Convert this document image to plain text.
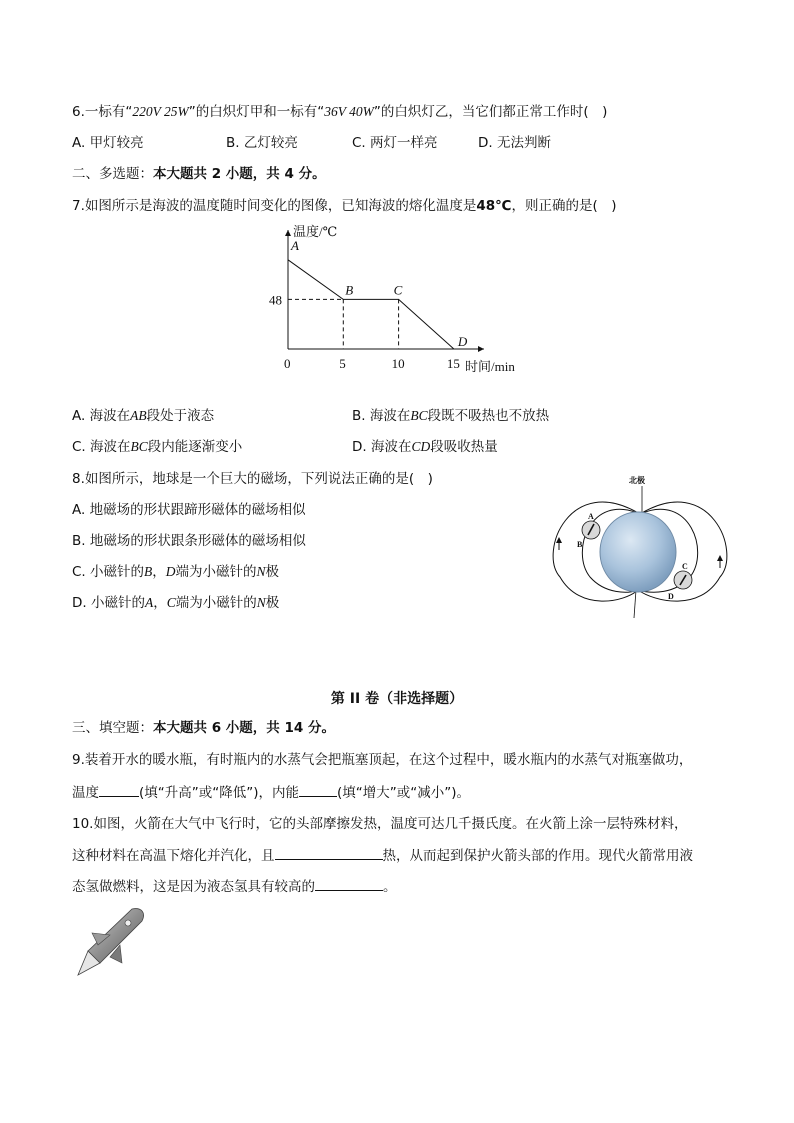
6.一标有“220V 25W”的白炽灯甲和一标有“36V 40W”的白炽灯乙，当它们都正常工作时(　)
A. 甲灯较亮	B. 乙灯较亮	C. 两灯一样亮	D. 无法判断
二、多选题：本大题共 2 小题，共 4 分。
7.如图所示是海波的温度随时间变化的图像，已知海波的熔化温度是48℃，则正确的是(　)
温度/℃
时间/min
A
B	C
D
0	5	10	15
48
A. 海波在AB段处于液态	B. 海波在BC段既不吸热也不放热
C. 海波在BC段内能逐渐变小	D. 海波在CD段吸收热量
8.如图所示，地球是一个巨大的磁场，下列说法正确的是(　)
A. 地磁场的形状跟蹄形磁体的磁场相似
B. 地磁场的形状跟条形磁体的磁场相似
C. 小磁针的B，D端为小磁针的N极
D. 小磁针的A，C端为小磁针的N极
北极
A
B
C
D
第 II 卷（非选择题）
三、填空题：本大题共 6 小题，共 14 分。
9.装着开水的暖水瓶，有时瓶内的水蒸气会把瓶塞顶起，在这个过程中，暖水瓶内的水蒸气对瓶塞做功，
温度	(填“升高”或“降低”)，内能	(填“增大”或“减小”)。
10.如图，火箭在大气中飞行时，它的头部摩擦发热，温度可达几千摄氏度。在火箭上涂一层特殊材料，
这种材料在高温下熔化并汽化，且	热，从而起到保护火箭头部的作用。现代火箭常用液
态氢做燃料，这是因为液态氢具有较高的	。
